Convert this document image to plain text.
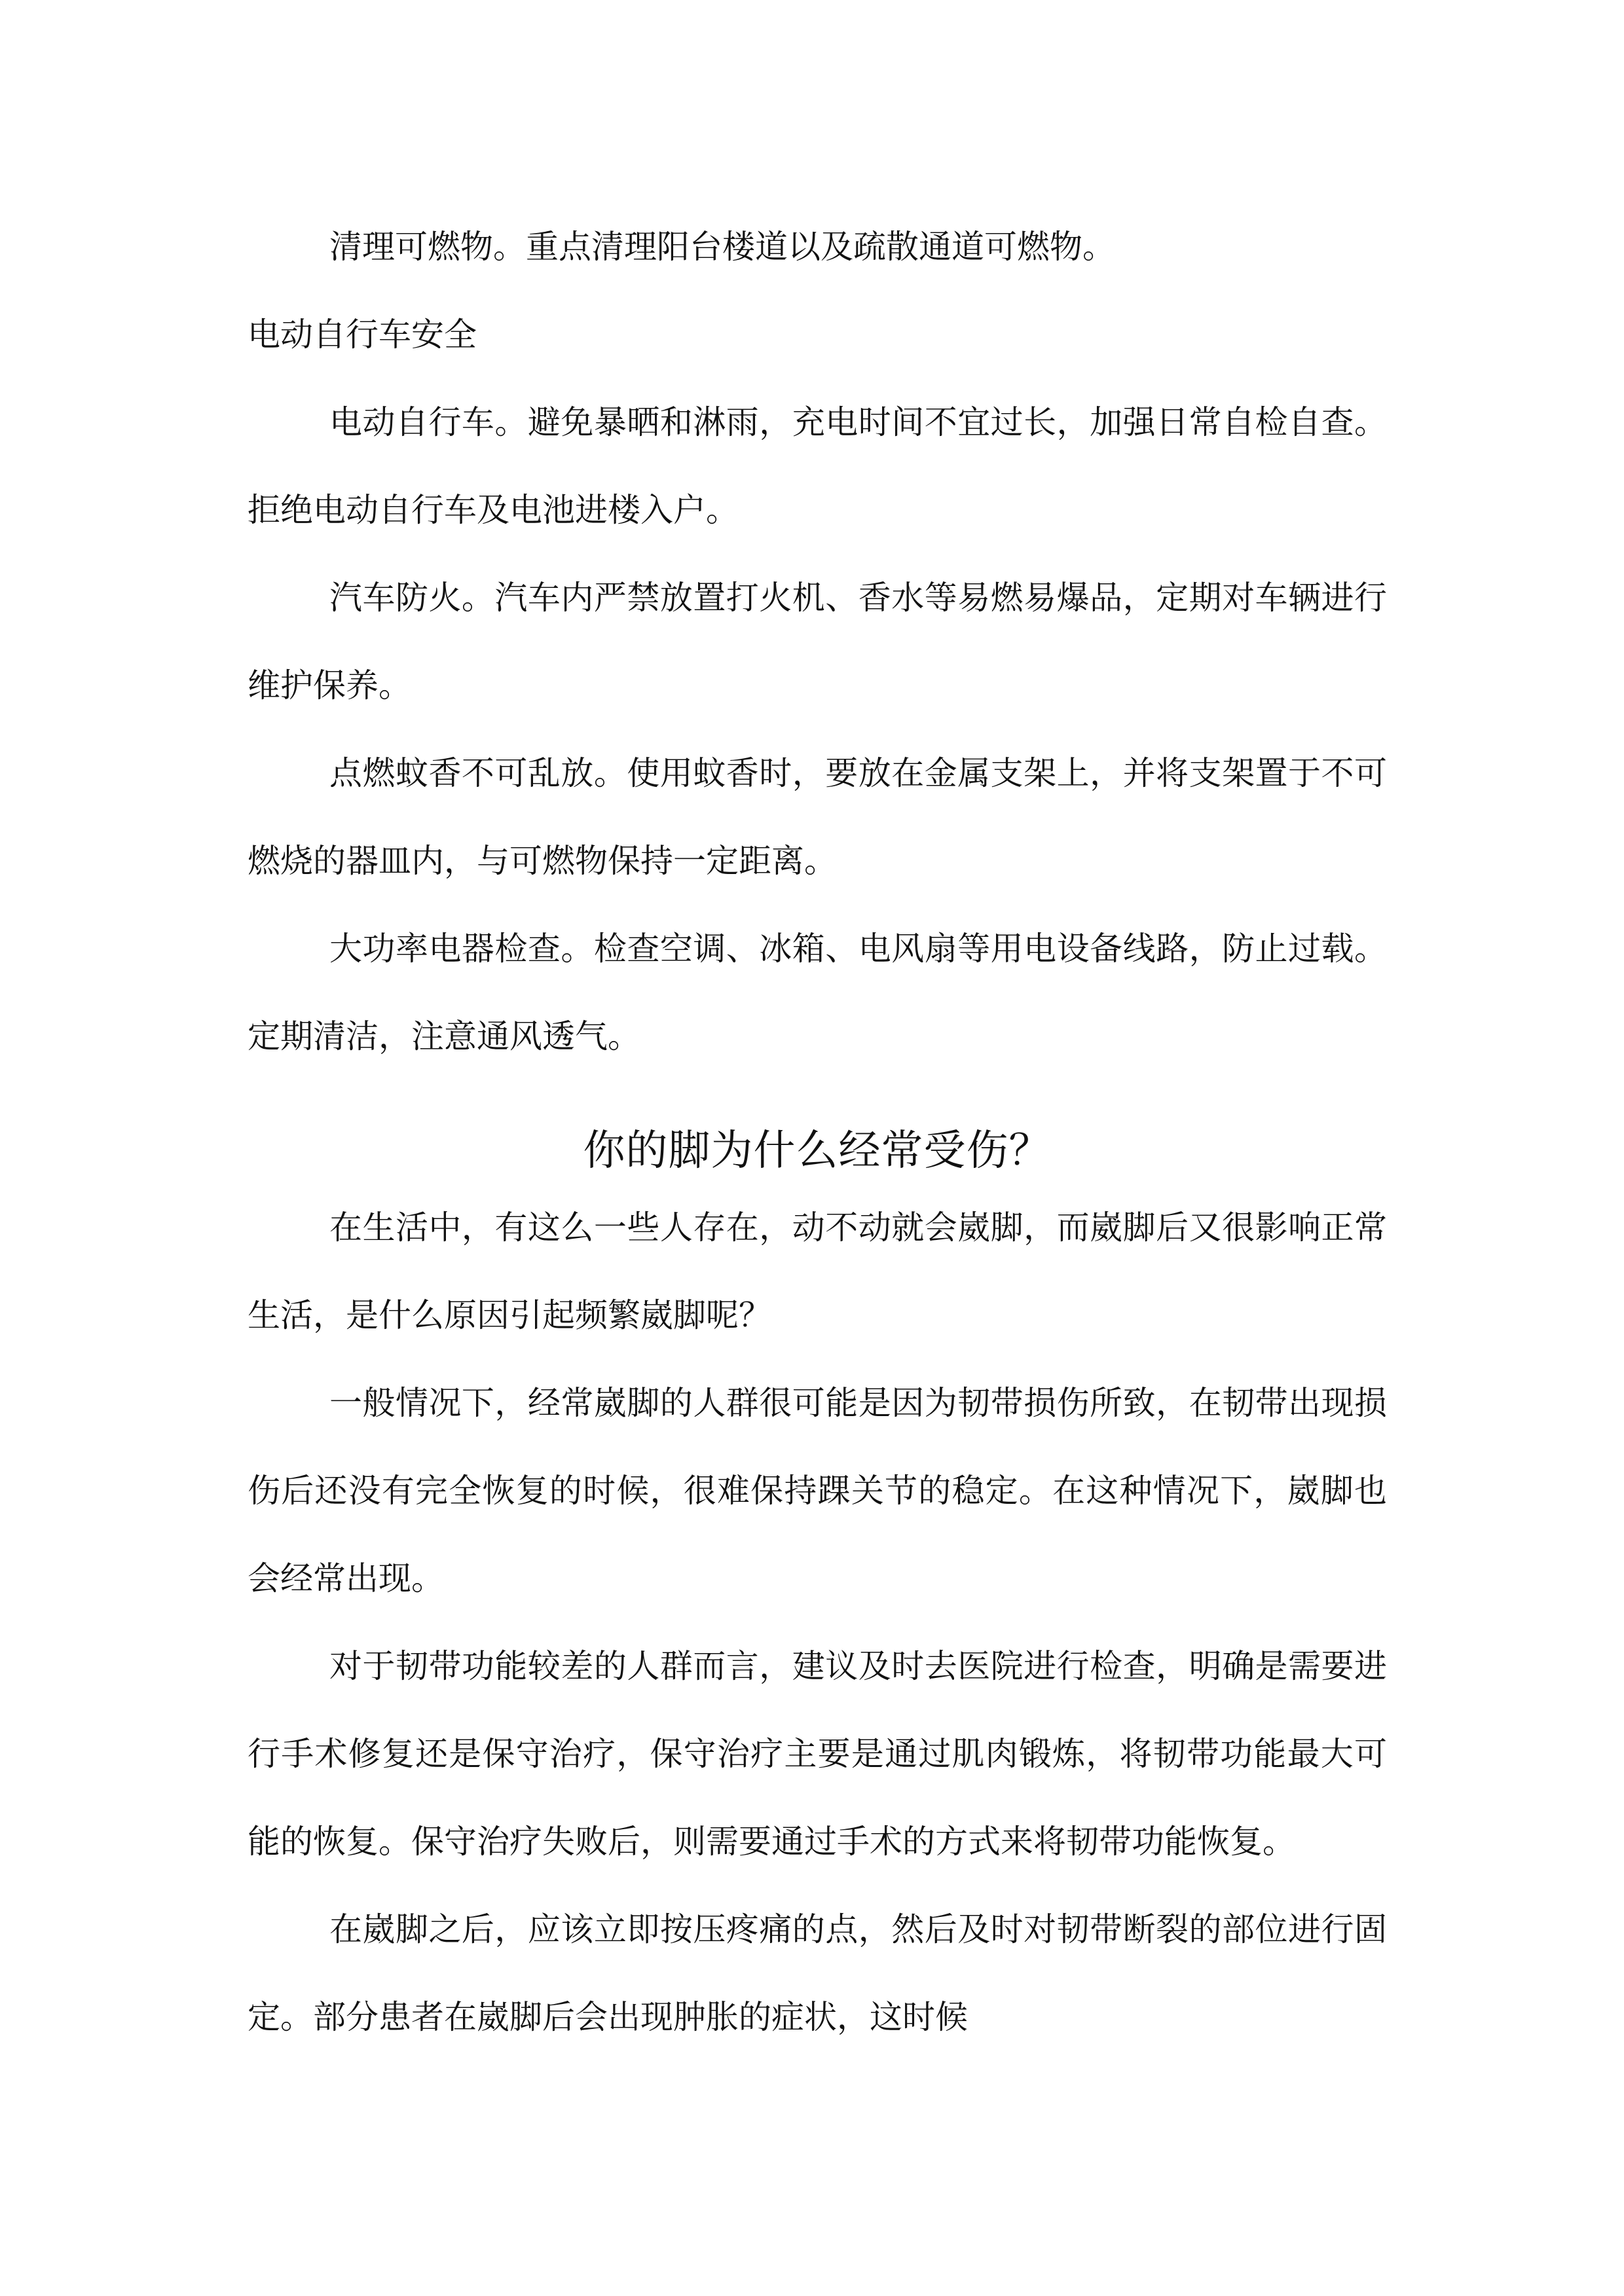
清理可燃物。重点清理阳台楼道以及疏散通道可燃物。

电动自行车安全

电动自行车。避免暴晒和淋雨，充电时间不宜过长，加强日常自检自查。拒绝电动自行车及电池进楼入户。

汽车防火。汽车内严禁放置打火机、香水等易燃易爆品，定期对车辆进行维护保养。

点燃蚊香不可乱放。使用蚊香时，要放在金属支架上，并将支架置于不可燃烧的器皿内，与可燃物保持一定距离。

大功率电器检查。检查空调、冰箱、电风扇等用电设备线路，防止过载。定期清洁，注意通风透气。

你的脚为什么经常受伤？

在生活中，有这么一些人存在，动不动就会崴脚，而崴脚后又很影响正常生活，是什么原因引起频繁崴脚呢？

一般情况下，经常崴脚的人群很可能是因为韧带损伤所致，在韧带出现损伤后还没有完全恢复的时候，很难保持踝关节的稳定。在这种情况下，崴脚也会经常出现。

对于韧带功能较差的人群而言，建议及时去医院进行检查，明确是需要进行手术修复还是保守治疗，保守治疗主要是通过肌肉锻炼，将韧带功能最大可能的恢复。保守治疗失败后，则需要通过手术的方式来将韧带功能恢复。

在崴脚之后，应该立即按压疼痛的点，然后及时对韧带断裂的部位进行固定。部分患者在崴脚后会出现肿胀的症状，这时候
